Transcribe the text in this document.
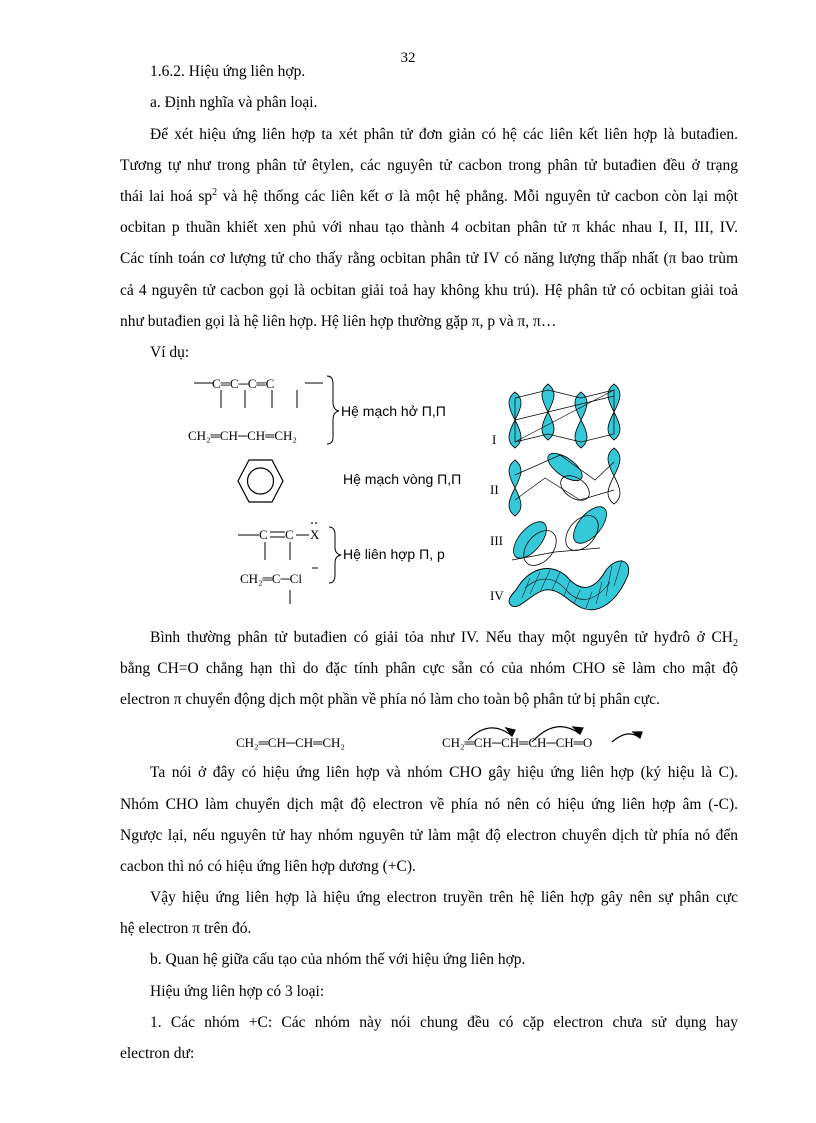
32
1.6.2. Hiệu ứng liên hợp.
a. Định nghĩa và phân loại.
Để xét hiệu ứng liên hợp ta xét phân tử đơn giản có hệ các liên kết liên hợp là butađien.
Tương tự như trong phân tử êtylen, các nguyên tử cacbon trong phân tử butađien đều ở trạng
thái lai hoá $sp^2$ và hệ thống các liên kết σ là một hệ phẳng. Mỗi nguyên tử cacbon còn lại một
ocbitan p thuần khiết xen phủ với nhau tạo thành 4 ocbitan phân tử π khác nhau I, II, III, IV.
Các tính toán cơ lượng tử cho thấy rằng ocbitan phân tử IV có năng lượng thấp nhất (π bao trùm
cả 4 nguyên tử cacbon gọi là ocbitan giải toả hay không khu trú). Hệ phân tử có ocbitan giải toả
như butađien gọi là hệ liên hợp. Hệ liên hợp thường gặp π, p và π, π…
Ví dụ:
C═C─C═C
CH₂═CH─CH═CH₂
Hệ mạch hở Π,Π
Hệ mạch vòng Π,Π
C C X
CH₂═C─Cl
Hệ liên hợp Π, p
I
II
III
IV
Bình thường phân tử butađien có giải tỏa như IV. Nếu thay một nguyên tử hyđrô ở $CH_2$
bằng CH=O chẳng hạn thì do đặc tính phân cực sẵn có của nhóm CHO sẽ làm cho mật độ
electron π chuyển động dịch một phần về phía nó làm cho toàn bộ phân tử bị phân cực.
CH₂═CH─CH═CH₂	CH₂═CH─CH═CH─CH═O
Ta nói ở đây có hiệu ứng liên hợp và nhóm CHO gây hiệu ứng liên hợp (ký hiệu là C).
Nhóm CHO làm chuyển dịch mật độ electron về phía nó nên có hiệu ứng liên hợp âm (-C).
Ngược lại, nếu nguyên tử hay nhóm nguyên tử làm mật độ electron chuyển dịch từ phía nó đến
cacbon thì nó có hiệu ứng liên hợp dương (+C).
Vậy hiệu ứng liên hợp là hiệu ứng electron truyền trên hệ liên hợp gây nên sự phân cực
hệ electron π trên đó.
b. Quan hệ giữa cấu tạo của nhóm thế với hiệu ứng liên hợp.
Hiệu ứng liên hợp có 3 loại:
1. Các nhóm +C: Các nhóm này nói chung đều có cặp electron chưa sử dụng hay
electron dư:
